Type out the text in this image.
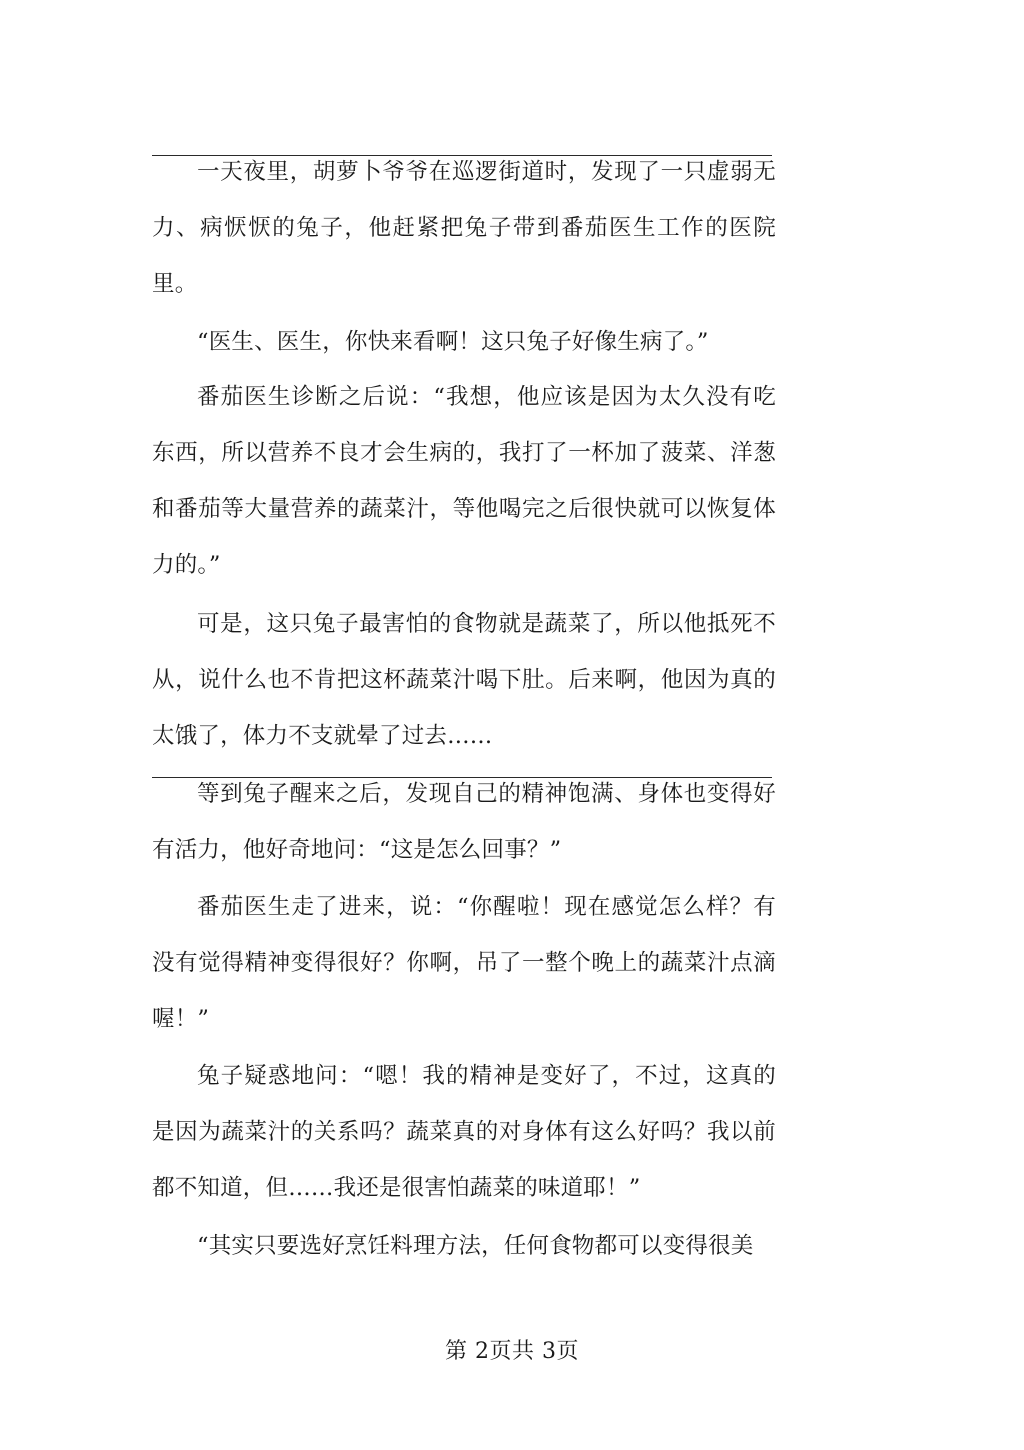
一天夜里，胡萝卜爷爷在巡逻街道时，发现了一只虚弱无力、病恹恹的兔子，他赶紧把兔子带到番茄医生工作的医院里。

“医生、医生，你快来看啊！这只兔子好像生病了。”

番茄医生诊断之后说：“我想，他应该是因为太久没有吃东西，所以营养不良才会生病的，我打了一杯加了菠菜、洋葱和番茄等大量营养的蔬菜汁，等他喝完之后很快就可以恢复体力的。”

可是，这只兔子最害怕的食物就是蔬菜了，所以他抵死不从，说什么也不肯把这杯蔬菜汁喝下肚。后来啊，他因为真的太饿了，体力不支就晕了过去……

等到兔子醒来之后，发现自己的精神饱满、身体也变得好有活力，他好奇地问：“这是怎么回事？”

番茄医生走了进来，说：“你醒啦！现在感觉怎么样？有没有觉得精神变得很好？你啊，吊了一整个晚上的蔬菜汁点滴喔！”

兔子疑惑地问：“嗯！我的精神是变好了，不过，这真的是因为蔬菜汁的关系吗？蔬菜真的对身体有这么好吗？我以前都不知道，但……我还是很害怕蔬菜的味道耶！”

“其实只要选好烹饪料理方法，任何食物都可以变得很美

第 2页共 3页
